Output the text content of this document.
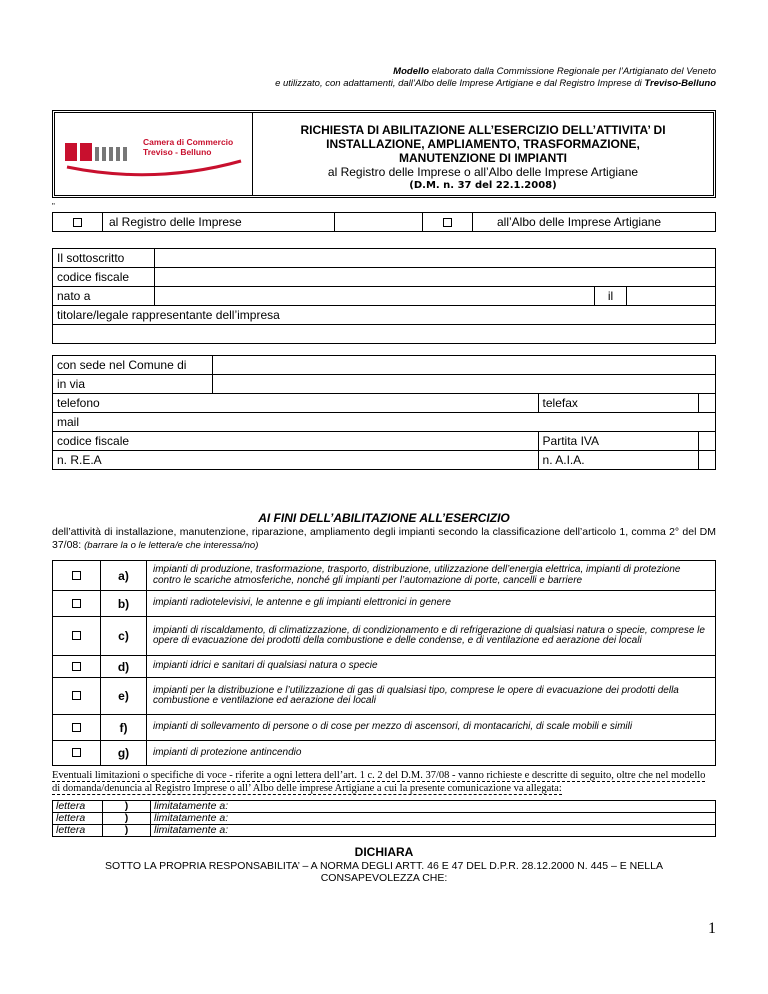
Modello elaborato dalla Commissione Regionale per l’Artigianato del Veneto
e utilizzato, con adattamenti, dall’Albo delle Imprese Artigiane e dal Registro Imprese di Treviso-Belluno
Camera di Commercio
Treviso - Belluno
RICHIESTA DI ABILITAZIONE ALL’ESERCIZIO DELL’ATTIVITA’ DI
INSTALLAZIONE, AMPLIAMENTO, TRASFORMAZIONE,
MANUTENZIONE DI IMPIANTI
al Registro delle Imprese o all’Albo delle Imprese Artigiane
(D.M. n. 37 del 22.1.2008)
"
al Registro delle Imprese	all’Albo delle Imprese Artigiane
Il sottoscritto			
codice fiscale			
nato a		il	
titolare/legale rappresentante dell’impresa

con sede nel Comune di			
in via			
telefono		telefax	
mail			
codice fiscale		Partita IVA	
n. R.E.A		n. A.I.A.	
AI FINI DELL’ABILITAZIONE ALL’ESERCIZIO
dell’attività di installazione, manutenzione, riparazione, ampliamento degli impianti secondo la classificazione dell’articolo 1, comma 2° del DM 37/08: (barrare la o le lettera/e che interessa/no)
	a)	impianti di produzione, trasformazione, trasporto, distribuzione, utilizzazione dell’energia elettrica, impianti di protezione contro le scariche atmosferiche, nonché gli impianti per l’automazione di porte, cancelli e barriere
	b)	impianti radiotelevisivi, le antenne e gli impianti elettronici in genere
	c)	impianti di riscaldamento, di climatizzazione, di condizionamento e di refrigerazione di qualsiasi natura o specie, comprese le opere di evacuazione dei prodotti della combustione e delle condense, e di ventilazione ed aerazione dei locali
	d)	impianti idrici e sanitari di qualsiasi natura o specie
	e)	impianti per la distribuzione e l’utilizzazione di gas di qualsiasi tipo, comprese le opere di evacuazione dei prodotti della combustione e ventilazione ed aerazione dei locali
	f)	impianti di sollevamento di persone o di cose per mezzo di ascensori, di montacarichi, di scale mobili e simili
	g)	impianti di protezione antincendio
Eventuali limitazioni o specifiche di voce - riferite a ogni lettera dell’art. 1 c. 2 del D.M. 37/08 - vanno richieste e descritte di seguito, oltre che nel modello di domanda/denuncia al Registro Imprese o all’ Albo delle imprese Artigiane a cui la presente comunicazione va allegata:
lettera	)	limitatamente a:
lettera	)	limitatamente a:
lettera	)	limitatamente a:
DICHIARA
SOTTO LA PROPRIA RESPONSABILITA’ – A NORMA DEGLI ARTT. 46 E 47 DEL D.P.R. 28.12.2000 N. 445 – E NELLA
CONSAPEVOLEZZA CHE:
1
